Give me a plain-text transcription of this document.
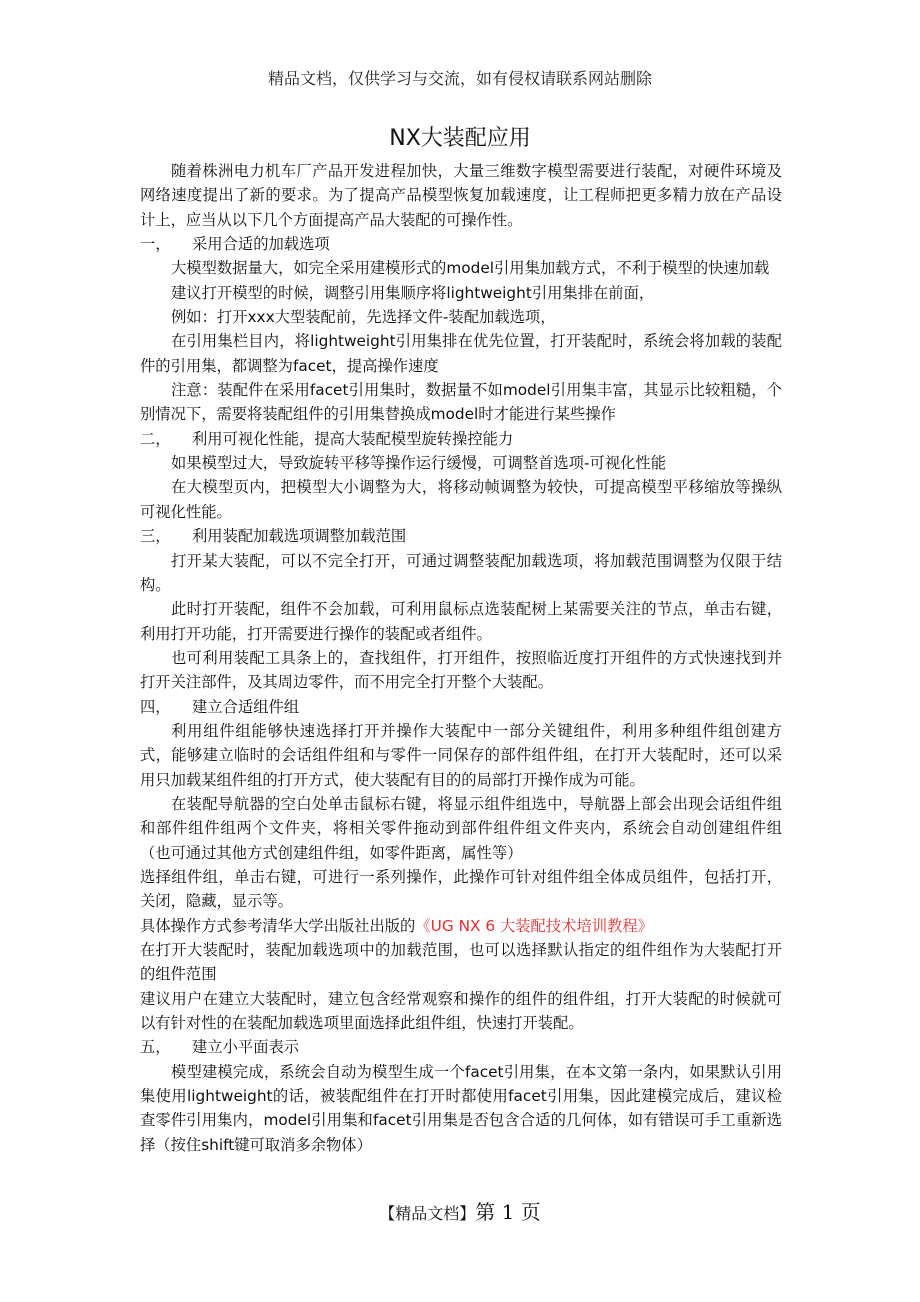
精品文档，仅供学习与交流，如有侵权请联系网站删除
NX大装配应用

随着株洲电力机车厂产品开发进程加快，大量三维数字模型需要进行装配，对硬件环境及网络速度提出了新的要求。为了提高产品模型恢复加载速度，让工程师把更多精力放在产品设计上，应当从以下几个方面提高产品大装配的可操作性。

一， 采用合适的加载选项

大模型数据量大，如完全采用建模形式的model引用集加载方式，不利于模型的快速加载

建议打开模型的时候，调整引用集顺序将lightweight引用集排在前面，

例如：打开xxx大型装配前，先选择文件-装配加载选项，

在引用集栏目内，将lightweight引用集排在优先位置，打开装配时，系统会将加载的装配件的引用集，都调整为facet，提高操作速度

注意：装配件在采用facet引用集时，数据量不如model引用集丰富，其显示比较粗糙，个别情况下，需要将装配组件的引用集替换成model时才能进行某些操作

二， 利用可视化性能，提高大装配模型旋转操控能力

如果模型过大，导致旋转平移等操作运行缓慢，可调整首选项-可视化性能

在大模型页内，把模型大小调整为大，将移动帧调整为较快，可提高模型平移缩放等操纵可视化性能。

三， 利用装配加载选项调整加载范围

打开某大装配，可以不完全打开，可通过调整装配加载选项，将加载范围调整为仅限于结构。

此时打开装配，组件不会加载，可利用鼠标点选装配树上某需要关注的节点，单击右键，利用打开功能，打开需要进行操作的装配或者组件。

也可利用装配工具条上的，查找组件，打开组件，按照临近度打开组件的方式快速找到并打开关注部件，及其周边零件，而不用完全打开整个大装配。

四， 建立合适组件组

利用组件组能够快速选择打开并操作大装配中一部分关键组件，利用多种组件组创建方式，能够建立临时的会话组件组和与零件一同保存的部件组件组，在打开大装配时，还可以采用只加载某组件组的打开方式，使大装配有目的的局部打开操作成为可能。

在装配导航器的空白处单击鼠标右键，将显示组件组选中，导航器上部会出现会话组件组和部件组件组两个文件夹，将相关零件拖动到部件组件组文件夹内，系统会自动创建组件组（也可通过其他方式创建组件组，如零件距离，属性等）

选择组件组，单击右键，可进行一系列操作，此操作可针对组件组全体成员组件，包括打开，关闭，隐藏，显示等。

具体操作方式参考清华大学出版社出版的《UG NX 6 大装配技术培训教程》

在打开大装配时，装配加载选项中的加载范围，也可以选择默认指定的组件组作为大装配打开的组件范围

建议用户在建立大装配时，建立包含经常观察和操作的组件的组件组，打开大装配的时候就可以有针对性的在装配加载选项里面选择此组件组，快速打开装配。

五， 建立小平面表示

模型建模完成，系统会自动为模型生成一个facet引用集，在本文第一条内，如果默认引用集使用lightweight的话，被装配组件在打开时都使用facet引用集，因此建模完成后，建议检查零件引用集内，model引用集和facet引用集是否包含合适的几何体，如有错误可手工重新选择（按住shift键可取消多余物体）

【精品文档】第 1 页
